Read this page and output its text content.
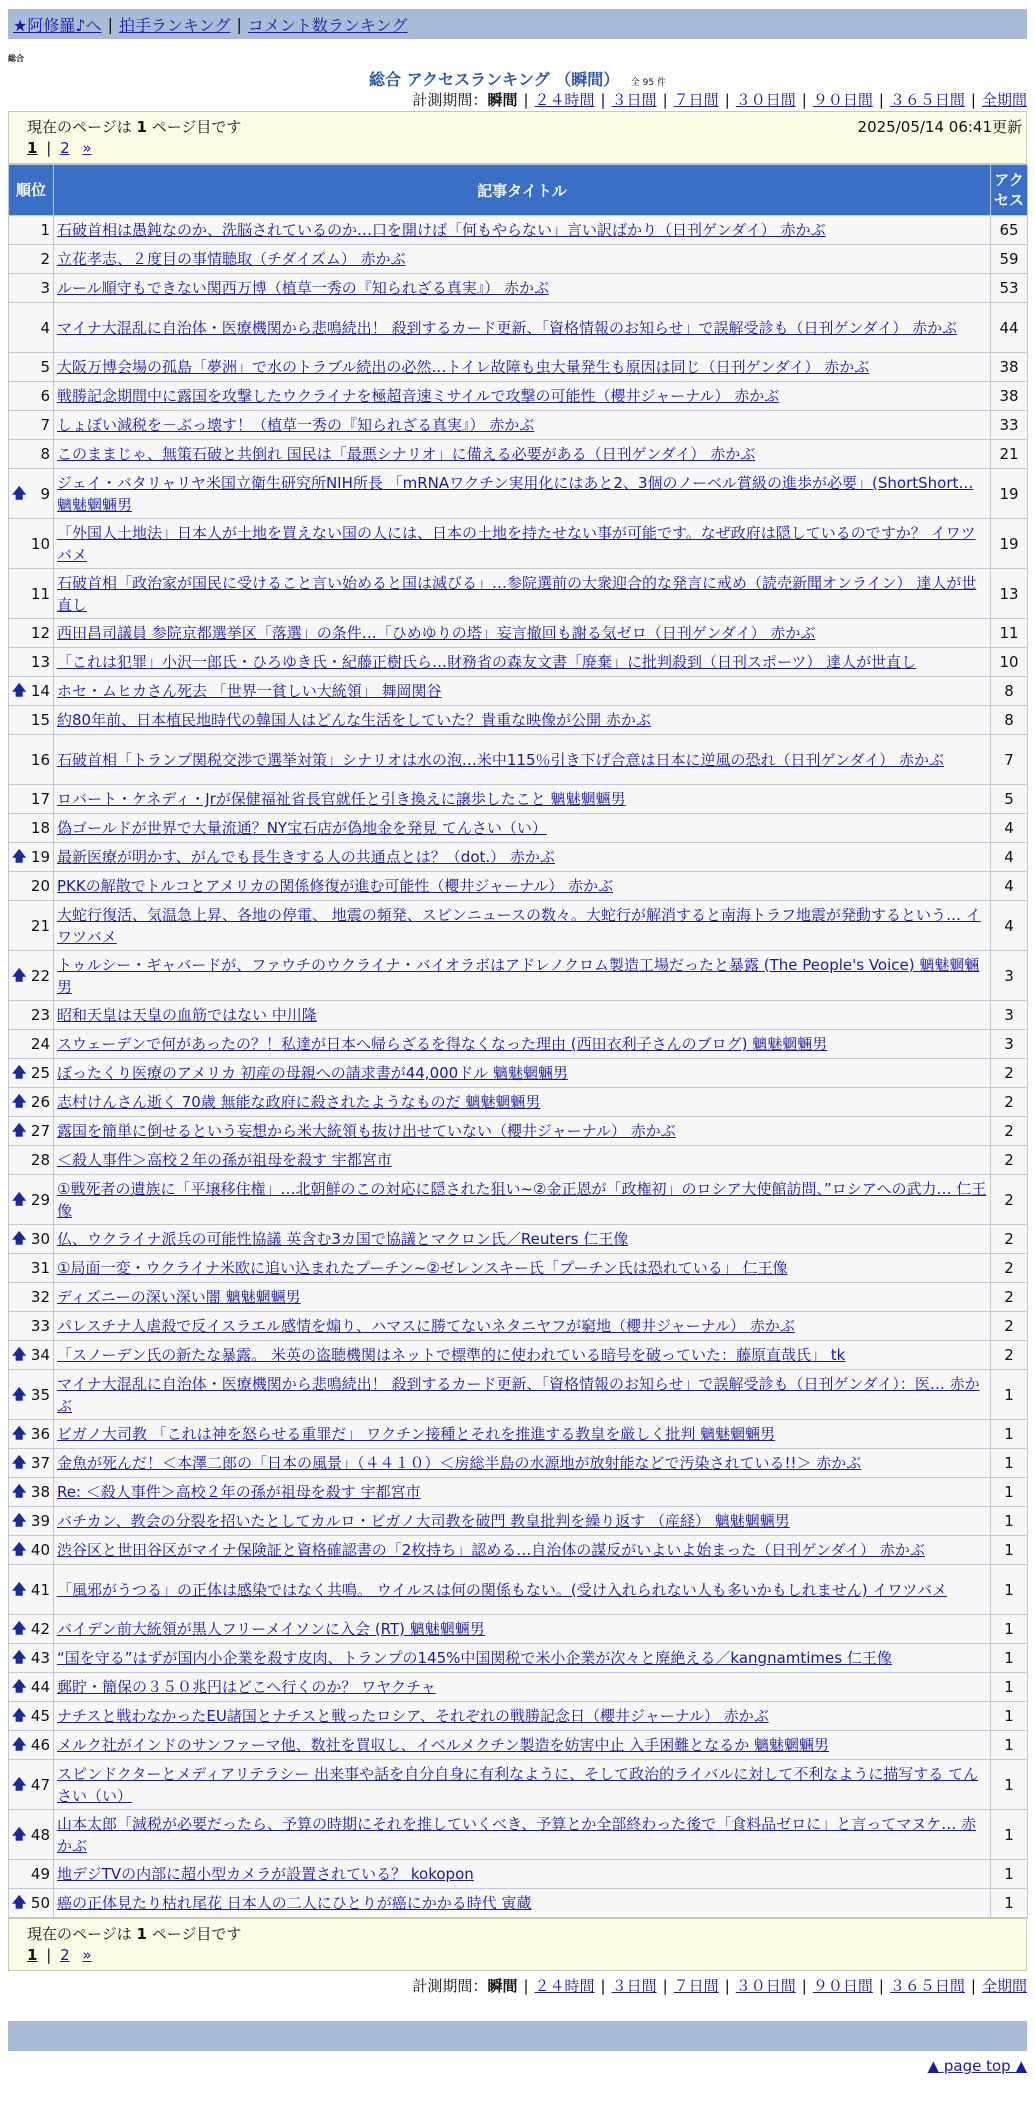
★阿修羅♪へ | 拍手ランキング | コメント数ランキング
総合
総合 アクセスランキング （瞬間） 全 95 件
計測期間：瞬間 | ２４時間 | ３日間 | ７日間 | ３０日間 | ９０日間 | ３６５日間 | 全期間
現在のページは 1 ページ目です	2025/05/14 06:41更新
1 | 2 »
順位	記事タイトル	アクセス

1	石破首相は愚鈍なのか、洗脳されているのか…口を開けば「何もやらない」言い訳ばかり（日刊ゲンダイ） 赤かぶ	65
2	立花孝志、２度目の事情聴取（チダイズム） 赤かぶ	59
3	ルール順守もできない関西万博（植草一秀の『知られざる真実』） 赤かぶ	53
4	マイナ大混乱に自治体・医療機関から悲鳴続出！ 殺到するカード更新、「資格情報のお知らせ」で誤解受診も（日刊ゲンダイ） 赤かぶ	44
5	大阪万博会場の孤島「夢洲」で水のトラブル続出の必然…トイレ故障も虫大量発生も原因は同じ（日刊ゲンダイ） 赤かぶ	38
6	戦勝記念期間中に露国を攻撃したウクライナを極超音速ミサイルで攻撃の可能性（櫻井ジャーナル） 赤かぶ	38
7	しょぼい減税を－ぶっ壊す！（植草一秀の『知られざる真実』） 赤かぶ	33
8	このままじゃ、無策石破と共倒れ 国民は「最悪シナリオ」に備える必要がある（日刊ゲンダイ） 赤かぶ	21

🡅 9	ジェイ・バタリャリヤ米国立衛生研究所NIH所長 「mRNAワクチン実用化にはあと2、3個のノーベル賞級の進歩が必要」(ShortShort… 魑魅魍魎男	19
10	「外国人土地法」日本人が土地を買えない国の人には、日本の土地を持たせない事が可能です。なぜ政府は隠しているのですか？ イワツバメ	19
11	石破首相「政治家が国民に受けること言い始めると国は滅びる」…参院選前の大衆迎合的な発言に戒め（読売新聞オンライン） 達人が世直し	13
12	西田昌司議員 参院京都選挙区「落選」の条件…「ひめゆりの塔」妄言撤回も謝る気ゼロ（日刊ゲンダイ） 赤かぶ	11
13	「これは犯罪」小沢一郎氏・ひろゆき氏・紀藤正樹氏ら…財務省の森友文書「廃棄」に批判殺到（日刊スポーツ） 達人が世直し	10

🡅 14	ホセ・ムヒカさん死去 「世界一貧しい大統領」 舞岡関谷	8
15	約80年前、日本植民地時代の韓国人はどんな生活をしていた？貴重な映像が公開 赤かぶ	8
16	石破首相「トランプ関税交渉で選挙対策」シナリオは水の泡…米中115％引き下げ合意は日本に逆風の恐れ（日刊ゲンダイ） 赤かぶ	7
17	ロバート・ケネディ・Jrが保健福祉省長官就任と引き換えに譲歩したこと 魑魅魍魎男	5
18	偽ゴールドが世界で大量流通？NY宝石店が偽地金を発見 てんさい（い）	4

🡅 19	最新医療が明かす、がんでも長生きする人の共通点とは？（dot.） 赤かぶ	4
20	PKKの解散でトルコとアメリカの関係修復が進む可能性（櫻井ジャーナル） 赤かぶ	4
21	大蛇行復活、気温急上昇、各地の停電、 地震の頻発、スピンニュースの数々。大蛇行が解消すると南海トラフ地震が発動するという… イワツバメ	4

🡅 22	トゥルシー・ギャバードが、ファウチのウクライナ・バイオラボはアドレノクロム製造工場だったと暴露 (The People's Voice) 魑魅魍魎男	3
23	昭和天皇は天皇の血筋ではない 中川隆	3
24	スウェーデンで何があったの？！私達が日本へ帰らざるを得なくなった理由 (西田衣利子さんのブログ) 魑魅魍魎男	3

🡅 25	ぼったくり医療のアメリカ 初産の母親への請求書が44,000ドル 魑魅魍魎男	2

🡅 26	志村けんさん逝く 70歳 無能な政府に殺されたようなものだ 魑魅魍魎男	2

🡅 27	露国を簡単に倒せるという妄想から米大統領も抜け出せていない（櫻井ジャーナル） 赤かぶ	2
28	＜殺人事件＞高校２年の孫が祖母を殺す 宇都宮市	2

🡅 29	①戦死者の遺族に「平壌移住権」…北朝鮮のこの対応に隠された狙い~②金正恩が「政権初」のロシア大使館訪問、”ロシアへの武力… 仁王像	2

🡅 30	仏、ウクライナ派兵の可能性協議 英含む3カ国で協議とマクロン氏／Reuters 仁王像	2
31	①局面一変・ウクライナ米欧に追い込まれたプーチン~②ゼレンスキー氏「プーチン氏は恐れている」 仁王像	2
32	ディズニーの深い深い闇 魑魅魍魎男	2
33	パレスチナ人虐殺で反イスラエル感情を煽り、ハマスに勝てないネタニヤフが窮地（櫻井ジャーナル） 赤かぶ	2

🡅 34	「スノーデン氏の新たな暴露。 米英の盗聴機関はネットで標準的に使われている暗号を破っていた：藤原直哉氏」 tk	2

🡅 35	マイナ大混乱に自治体・医療機関から悲鳴続出！ 殺到するカード更新、「資格情報のお知らせ」で誤解受診も（日刊ゲンダイ）：医… 赤かぶ	1

🡅 36	ビガノ大司教 「これは神を怒らせる重罪だ」 ワクチン接種とそれを推進する教皇を厳しく批判 魑魅魍魎男	1

🡅 37	金魚が死んだ！＜本澤二郎の「日本の風景」（４４１０）＜房総半島の水源地が放射能などで汚染されている!!＞ 赤かぶ	1

🡅 38	Re: ＜殺人事件＞高校２年の孫が祖母を殺す 宇都宮市	1

🡅 39	バチカン、教会の分裂を招いたとしてカルロ・ビガノ大司教を破門 教皇批判を繰り返す （産経） 魑魅魍魎男	1

🡅 40	渋谷区と世田谷区がマイナ保険証と資格確認書の「2枚持ち」認める…自治体の謀反がいよいよ始まった（日刊ゲンダイ） 赤かぶ	1

🡅 41	「風邪がうつる」の正体は感染ではなく共鳴。 ウイルスは何の関係もない。(受け入れられない人も多いかもしれません) イワツバメ	1

🡅 42	バイデン前大統領が黒人フリーメイソンに入会 (RT) 魑魅魍魎男	1

🡅 43	“国を守る”はずが国内小企業を殺す皮肉、トランプの145%中国関税で米小企業が次々と廃絶える／kangnamtimes 仁王像	1

🡅 44	郵貯・簡保の３５０兆円はどこへ行くのか？ ワヤクチャ	1

🡅 45	ナチスと戦わなかったEU諸国とナチスと戦ったロシア、それぞれの戦勝記念日（櫻井ジャーナル） 赤かぶ	1

🡅 46	メルク社がインドのサンファーマ他、数社を買収し、イベルメクチン製造を妨害中止 入手困難となるか 魑魅魍魎男	1

🡅 47	スピンドクターとメディアリテラシー 出来事や話を自分自身に有利なように、そして政治的ライバルに対して不利なように描写する てんさい（い）	1

🡅 48	山本太郎「減税が必要だったら、予算の時期にそれを推していくべき、予算とか全部終わった後で「食料品ゼロに」と言ってマヌケ… 赤かぶ	1
49	地デジTVの内部に超小型カメラが設置されている？ kokopon	1

🡅 50	癌の正体見たり枯れ尾花 日本人の二人にひとりが癌にかかる時代 寅蔵	1
現在のページは 1 ページ目です
1 | 2 »
計測期間：瞬間 | ２４時間 | ３日間 | ７日間 | ３０日間 | ９０日間 | ３６５日間 | 全期間
▲ page top ▲
